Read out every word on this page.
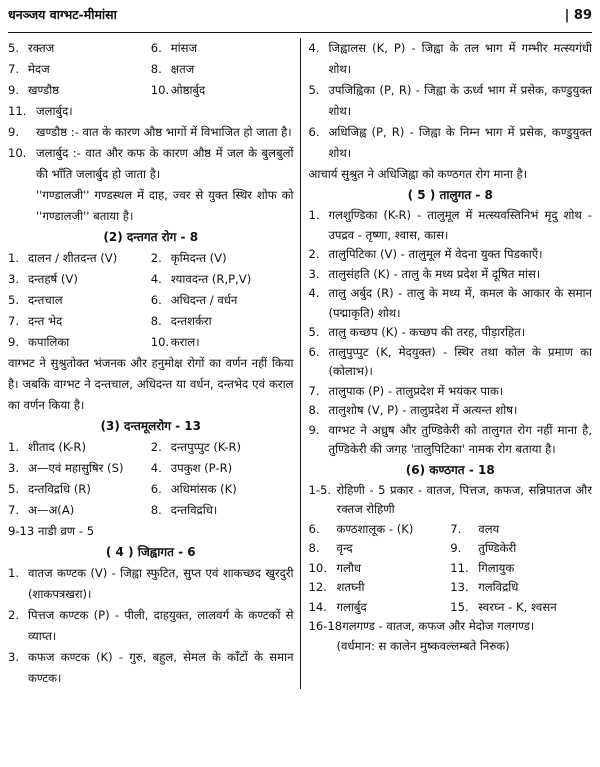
धनञ्जय वाग्भट-मीमांसा	| 89
5. रक्तज	6. मांसज
7. मेदज	8. क्षतज
9. खण्डौष्ठ	10. ओष्ठार्बुद
11. जलार्बुद।
9.	खण्डौष्ठ :- वात के कारण औष्ठ भागों में विभाजित हो जाता है।
10. जलार्बुद :- वात और कफ के कारण औष्ठ में जल के बुलबुलों की भाँति जलार्बुद हो जाता है।
''गण्डालजी'' गण्डस्थल में दाह, ज्वर से युक्त स्थिर शोफ को ''गण्डालजी'' बताया है।
(2) दन्तगत रोग - 8
1. दालन / शीतदन्त (V)	2. कृमिदन्त (V)
3. दन्तहर्ष (V)	4. श्यावदन्त (R,P,V)
5. दन्तचाल	6. अधिदन्त / वर्धन
7. दन्त भेद	8. दन्तशर्करा
9. कपालिका	10. कराल।
वाग्भट ने सुश्रुतोक्त भंजनक और हनुमोक्ष रोगों का वर्णन नहीं किया है। जबकि वाग्भट ने दन्तचाल, अधिदन्त या वर्धन, दन्तभेद एवं कराल का वर्णन किया है।
(3) दन्तमूलरोग - 13
1. शीताद (K-R)	2. दन्तपुप्पुट (K-R)
3. अ—एवं महासुषिर (S) 4. उपकुश (P-R)
5. दन्तविद्रधि (R)	6. अधिमांसक (K)
7. अ—अ(A)	8. दन्तविद्रधि।
9-13 नाडी व्रण - 5
( 4 ) जिह्वागत - 6
1. वातज कण्टक (V) - जिह्वा स्फुटित, सुप्त एवं शाकच्छद खुरदुरी (शाकपत्रखरा)।
2. पित्तज कण्टक (P) - पीली, दाहयुक्त, लालवर्ग के कण्टकों से व्याप्त।
3. कफज कण्टक (K) - गुरु, बहुल, सेमल के काँटों के समान कण्टक।
4. जिह्वालस (K, P) - जिह्वा के तल भाग में गम्भीर मत्स्यगंधी शोथ।
5. उपजिह्विका (P, R) - जिह्वा के ऊर्ध्व भाग में प्रसेक, कण्डुयुक्त शोथ।
6. अधिजिह्व (P, R) - जिह्वा के निम्न भाग में प्रसेक, कण्डुयुक्त शोथ।
आचार्य सुश्रुत ने अधिजिह्वा को कण्ठगत रोग माना है।
( 5 ) तालुगत - 8
1. गलशुण्डिका (K-R) - तालुमूल में मत्स्यवस्तिनिभं मृदु शोथ - उपद्रव - तृष्णा, श्वास, कास।
2. तालुपिटिका (V) - तालुमूल में वेदना युक्त पिडकाएँ।
3. तालुसंहति (K) - तालु के मध्य प्रदेश में दूषित मांस।
4. तालु अर्बुद (R) - तालु के मध्य में, कमल के आकार के समान (पद्माकृति) शोथ।
5. तालु कच्छप (K) - कच्छप की तरह, पीड़ारहित।
6. तालुपुप्पुट (K, मेदयुक्त) - स्थिर तथा कोल के प्रमाण का (कोलाभ)।
7. तालुपाक (P) - तालुप्रदेश में भयंकर पाक।
8. तालुशोष (V, P) - तालुप्रदेश में अत्यन्त शोष।
9. वाग्भट ने अध्रुष और तुण्डिकेरी को तालुगत रोग नहीं माना है, तुण्डिकेरी की जगह 'तालुपिटिका' नामक रोग बताया है।
(6) कण्ठगत - 18
1-5. रोहिणी - 5 प्रकार - वातज, पित्तज, कफज, सन्निपातज और रक्तज रोहिणी
6.	कण्ठशालूक - (K)	7.	वलय
8.	वृन्द	9.	तुण्डिकेरी
10. गलौध	11. गिलायुक
12. शतघ्नी	13. गलविद्रधि
14. गलार्बुद	15. स्वरघ्न - K, श्वसन
16-18 गलगण्ड - वातज, कफज और मेदोज गलगण्ड।
(वर्धमान: स कालेन मुष्कवल्लम्बते निरुक)
